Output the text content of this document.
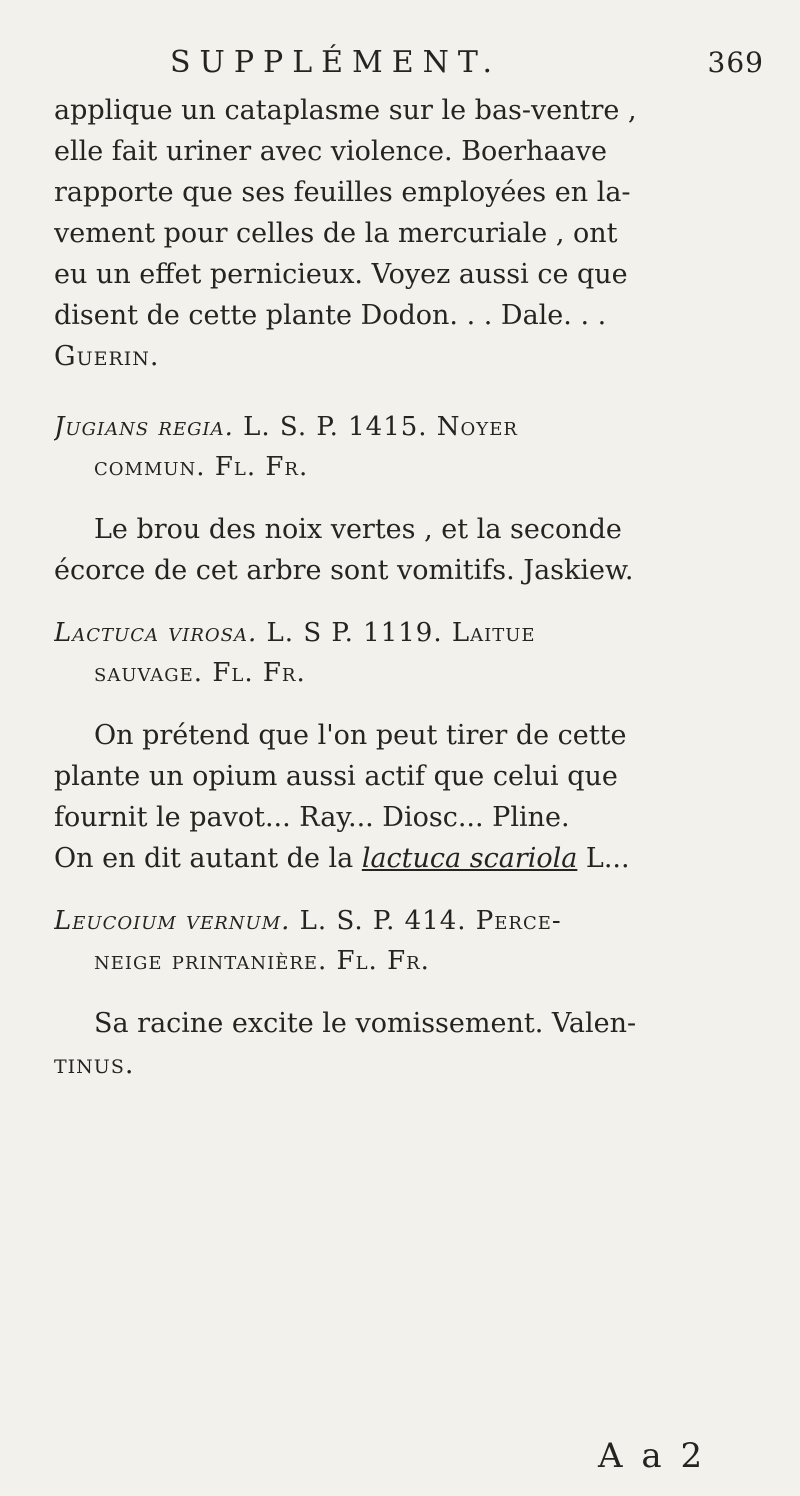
SUPPLÉMENT.	369

applique un cataplasme sur le bas-ventre ,
elle fait uriner avec violence. Boerhaave
rapporte que ses feuilles employées en la-
vement pour celles de la mercuriale , ont
eu un effet pernicieux. Voyez aussi ce que
disent de cette plante Dodon. . . Dale. . .
Guerin.

Jugians regia. L. S. P. 1415. Noyer
commun. Fl. Fr.

Le brou des noix vertes , et la seconde
écorce de cet arbre sont vomitifs. Jaskiew.

Lactuca virosa. L. S P. 1119. Laitue
sauvage. Fl. Fr.

On prétend que l'on peut tirer de cette
plante un opium aussi actif que celui que
fournit le pavot... Ray... Diosc... Pline.
On en dit autant de la lactuca scariola L...

Leucoium vernum. L. S. P. 414. Perce-
neige printanière. Fl. Fr.

Sa racine excite le vomissement. Valen-
tinus.

A a 2
